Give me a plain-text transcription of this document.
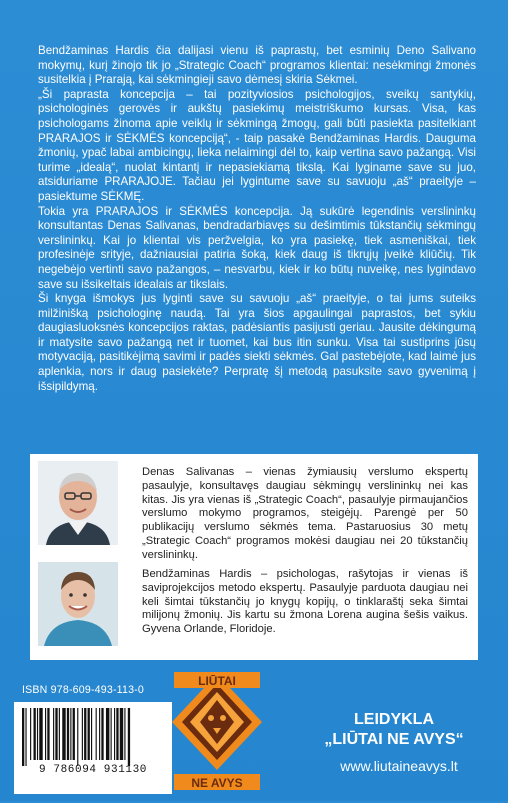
Bendžaminas Hardis čia dalijasi vienu iš paprastų, bet esminių Deno Salivano mokymų, kurį žinojo tik jo „Strategic Coach“ programos klientai: nesėkmingi žmonės susitelkia į Prarają, kai sėkmingieji savo dėmesį skiria Sėkmei.

„Ši paprasta koncepcija – tai pozityviosios psichologijos, sveikų santykių, psichologinės gerovės ir aukštų pasiekimų meistriškumo kursas. Visa, kas psichologams žinoma apie veiklų ir sėkmingą žmogų, gali būti pasiekta pasitelkiant PRARAJOS ir SĖKMĖS koncepciją“, - taip pasakė Bendžaminas Hardis. Dauguma žmonių, ypač labai ambicingų, lieka nelaimingi dėl to, kaip vertina savo pažangą. Visi turime „idealą“, nuolat kintantį ir nepasiekiamą tikslą. Kai lyginame save su juo, atsiduriame PRARAJOJE. Tačiau jei lygintume save su savuoju „aš“ praeityje – pasiektume SĖKMĘ.

Tokia yra PRARAJOS ir SĖKMĖS koncepcija. Ją sukūrė legendinis verslininkų konsultantas Denas Salivanas, bendradarbiavęs su dešimtimis tūkstančių sėkmingų verslininkų. Kai jo klientai vis peržvelgia, ko yra pasiekę, tiek asmeniškai, tiek profesinėje srityje, dažniausiai patiria šoką, kiek daug iš tikrųjų įveikė kliūčių. Tik negebėjo vertinti savo pažangos, – nesvarbu, kiek ir ko būtų nuveikę, nes lygindavo save su išsikeltais idealais ar tikslais.

Ši knyga išmokys jus lyginti save su savuoju „aš“ praeityje, o tai jums suteiks milžinišką psichologinę naudą. Tai yra šios apgaulingai paprastos, bet sykiu daugiasluoksnės koncepcijos raktas, padėsiantis pasijusti geriau. Jausite dėkingumą ir matysite savo pažangą net ir tuomet, kai bus itin sunku. Visa tai sustiprins jūsų motyvaciją, pasitikėjimą savimi ir padės siekti sėkmės. Gal pastebėjote, kad laimė jus aplenkia, nors ir daug pasiekėte? Perpratę šį metodą pasuksite savo gyvenimą į išsipildymą.

Denas Salivanas – vienas žymiausių verslumo ekspertų pasaulyje, konsultavęs daugiau sėkmingų verslininkų nei kas kitas. Jis yra vienas iš „Strategic Coach“, pasaulyje pirmaujančios verslumo mokymo programos, steigėjų. Parengė per 50 publikacijų verslumo sėkmės tema. Pastaruosius 30 metų „Strategic Coach“ programos mokėsi daugiau nei 20 tūkstančių verslininkų.
Bendžaminas Hardis – psichologas, rašytojas ir vienas iš saviprojekcijos metodo ekspertų. Pasaulyje parduota daugiau nei keli šimtai tūkstančių jo knygų kopijų, o tinklaraštį seka šimtai milijonų žmonių. Jis kartu su žmona Lorena augina šešis vaikus. Gyvena Orlande, Floridoje.
ISBN 978-609-493-113-0
9 786094 931130
LIŪTAI
NE AVYS
LEIDYKLA
„LIŪTAI NE AVYS“
www.liutaineavys.lt
